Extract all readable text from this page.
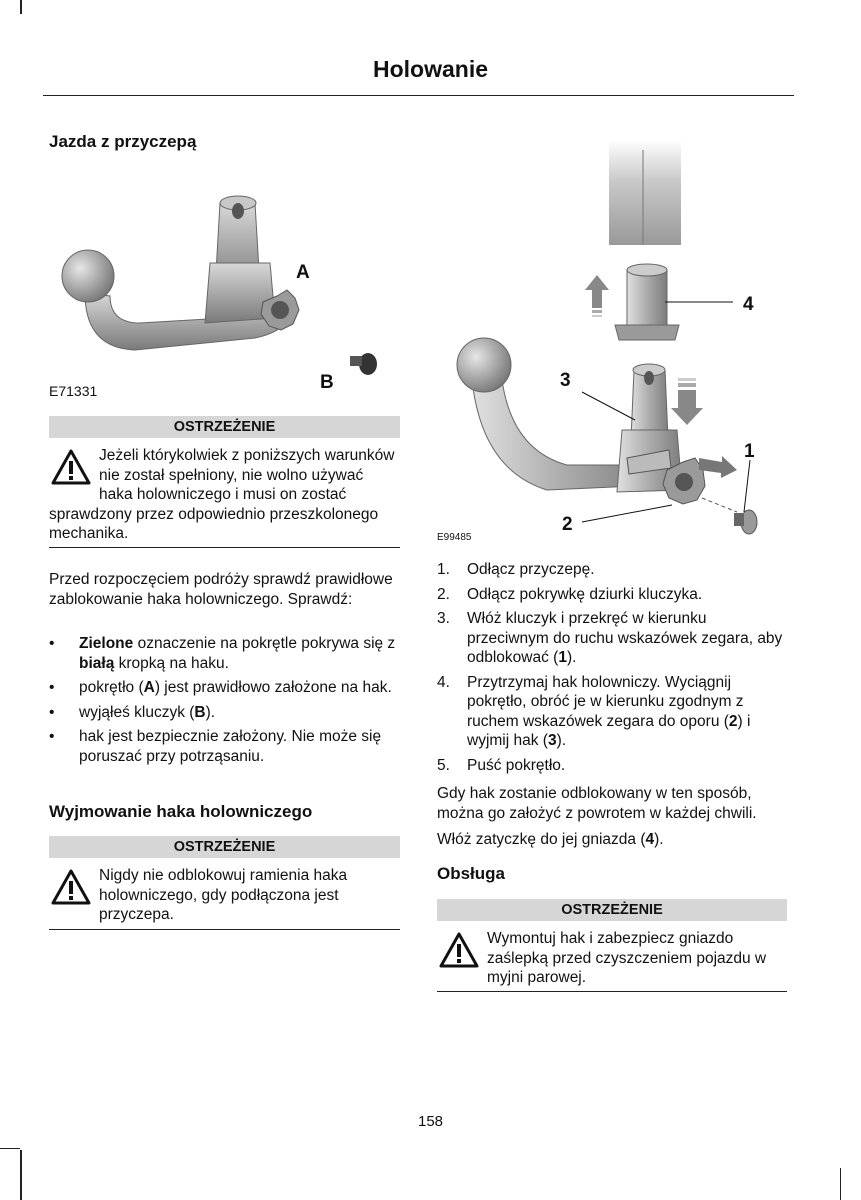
Holowanie
Jazda z przyczepą
A
B
E71331
OSTRZEŻENIE
Jeżeli którykolwiek z poniższych warunków nie został spełniony, nie wolno używać haka holowniczego i musi on zostać sprawdzony przez odpowiednio przeszkolonego mechanika.

Przed rozpoczęciem podróży sprawdź prawidłowe zablokowanie haka holowniczego. Sprawdź:

• Zielone oznaczenie na pokrętle pokrywa się z białą kropką na haku.
• pokrętło (A) jest prawidłowo założone na hak.
• wyjąłeś kluczyk (B).
• hak jest bezpiecznie założony. Nie może się poruszać przy potrząsaniu.
Wyjmowanie haka holowniczego
OSTRZEŻENIE
Nigdy nie odblokowuj ramienia haka holowniczego, gdy podłączona jest przyczepa.
1
2
3
4
E99485
1. Odłącz przyczepę.
2. Odłącz pokrywkę dziurki kluczyka.
3. Włóż kluczyk i przekręć w kierunku przeciwnym do ruchu wskazówek zegara, aby odblokować (1).
4. Przytrzymaj hak holowniczy. Wyciągnij pokrętło, obróć je w kierunku zgodnym z ruchem wskazówek zegara do oporu (2) i wyjmij hak (3).
5. Puść pokrętło.

Gdy hak zostanie odblokowany w ten sposób, można go założyć z powrotem w każdej chwili.

Włóż zatyczkę do jej gniazda (4).

Obsługa
OSTRZEŻENIE
Wymontuj hak i zabezpiecz gniazdo zaślepką przed czyszczeniem pojazdu w myjni parowej.
158
